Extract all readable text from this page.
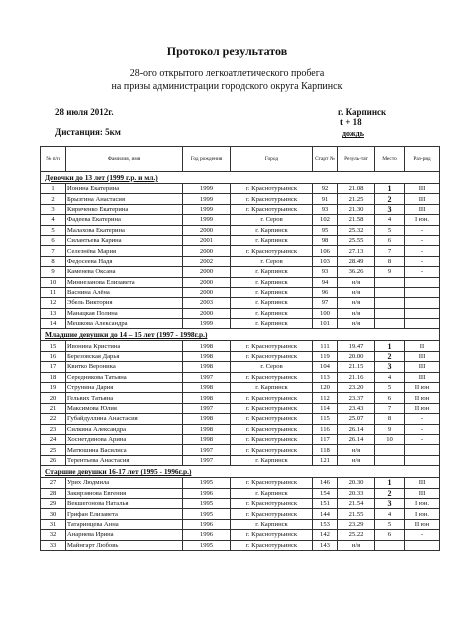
Протокол результатов
28-ого открытого легкоатлетического пробега
на призы администрации городского округа Карпинск
28 июля 2012г.	г. Карпинск
t + 18
Дистанция: 5км	дождь
№ п/п	Фамилия, имя	Год рождения	Город	Старт №	Резуль-тат	Место	Раз-ряд
Девочки до 13 лет (1999 г.р. и мл.)							
1	Ионина Екатерина	1999	г. Краснотурьинск	92	21.08	1	III
2	Брызгина Анастасия	1999	г. Краснотурьинск	91	21.25	2	III
3	Кириченко Екатерина	1999	г. Краснотурьинск	93	21.30	3	III
4	Фадеева Екатерина	1999	г. Серов	102	21.58	4	I юн.
5	Малахова Екатерина	2000	г. Карпинск	95	25.32	5	-
6	Силантьева Карина	2001	г. Карпинск	98	25.55	6	-
7	Селезнёва Мария	2000	г. Краснотурьинск	106	27.13	7	-
8	Федосеева Надя	2002	г. Серов	103	28.49	8	-
9	Каменева Оксана	2000	г. Карпинск	93	36.26	9	-
10	Миннезанова Елизавета	2000	г. Карпинск	94	н/я		
11	Васнина Алёна	2000	г. Карпинск	96	н/я		
12	Эбель Виктория	2003	г. Карпинск	97	н/я		
13	Манацкая Полина	2000	г. Карпинск	100	н/я		
14	Мешкова Александра	1999	г. Карпинск	101	н/я		
Младшие девушки до 14 – 15 лет (1997 - 1998г.р.)							
15	Ивонина Кристина	1998	г. Краснотурьинск	111	19.47	1	II
16	Березовская Дарья	1998	г. Краснотурьинск	119	20.00	2	III
17	Квитко Вероника	1998	г. Серов	104	21.15	3	III
18	Середникова Татьяна	1997	г. Краснотурьинск	113	21.16	4	III
19	Струнина Дария	1998	г. Карпинск	120	23.20	5	II юн
20	Гельвих Татьяна	1998	г. Краснотурьинск	112	23.37	6	II юн
21	Максимова Юлия	1997	г. Краснотурьинск	114	23.43	7	II юн
22	Губайдуллина Анастасия	1998	г. Краснотурьинск	115	25.07	8	-
23	Силкина Александра	1998	г. Краснотурьинск	116	26.14	9	-
24	Хоснетдинова Арина	1998	г. Краснотурьинск	117	26.14	10	-
25	Матюшина Василиса	1997	г. Краснотурьинск	118	н/я		
26	Терентьева Анастасия	1997	г. Карпинск	121	н/я		
Старшие девушки 16-17 лет (1995 - 1996г.р.)							
27	Урих Людмила	1995	г. Краснотурьинск	146	20.30	1	III
28	Закирзянова Евгения	1996	г. Карпинск	154	20.33	2	III
29	Векшегонова Наталья	1995	г. Краснотурьинск	151	21.54	3	I юн.
30	Грифан Елизавета	1995	г. Краснотурьинск	144	21.55	4	I юн.
31	Татаринцева Анна	1996	г. Карпинск	153	23.29	5	II юн
32	Анарнева Ирина	1996	г. Краснотурьинск	142	25.22	6	-
33	Майнгарт Любовь	1995	г. Краснотурьинск	143	н/я		
